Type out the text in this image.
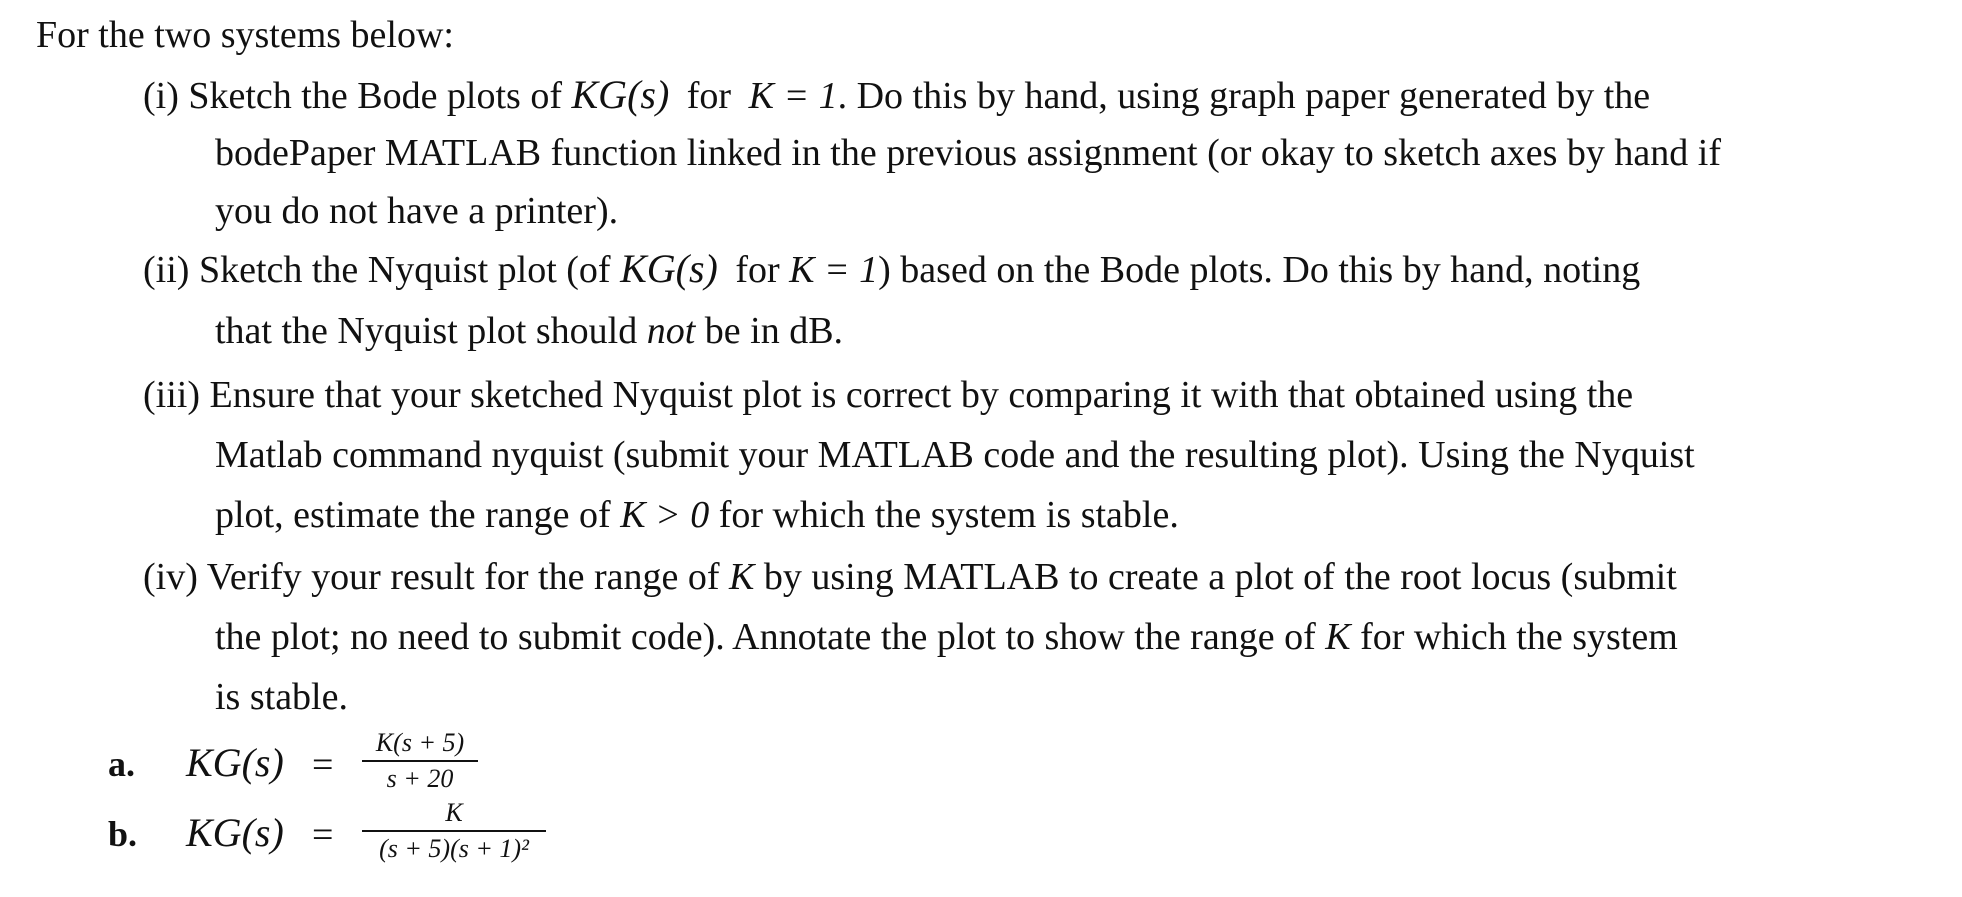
For the two systems below:
(i) Sketch the Bode plots of KG(s) for K = 1. Do this by hand, using graph paper generated by the
bodePaper MATLAB function linked in the previous assignment (or okay to sketch axes by hand if
you do not have a printer).
(ii) Sketch the Nyquist plot (of KG(s) for K = 1) based on the Bode plots. Do this by hand, noting
that the Nyquist plot should not be in dB.
(iii) Ensure that your sketched Nyquist plot is correct by comparing it with that obtained using the
Matlab command nyquist (submit your MATLAB code and the resulting plot). Using the Nyquist
plot, estimate the range of K > 0 for which the system is stable.
(iv) Verify your result for the range of K by using MATLAB to create a plot of the root locus (submit
the plot; no need to submit code). Annotate the plot to show the range of K for which the system
is stable.
a. KG(s) =
K(s + 5)
s + 20
b. KG(s) =
K
(s + 5)(s + 1)²
